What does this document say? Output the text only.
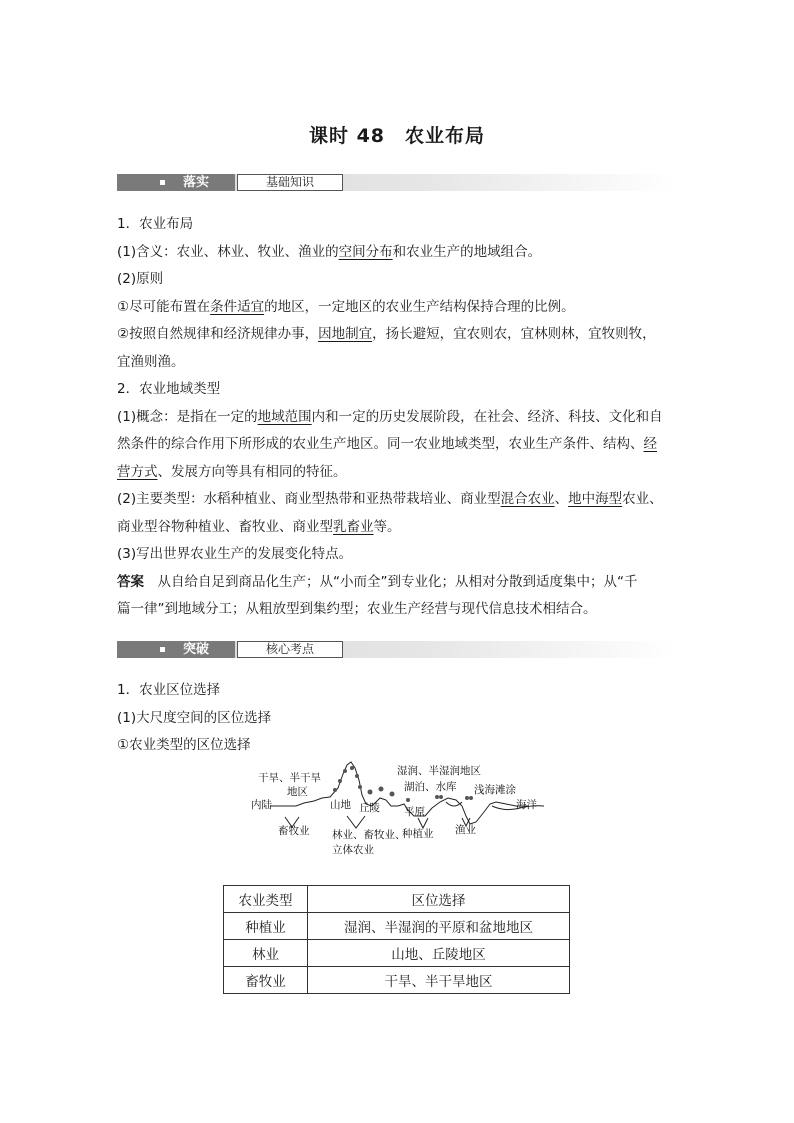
课时 48　农业布局
落实	基础知识
1．农业布局
(1)含义：农业、林业、牧业、渔业的空间分布和农业生产的地域组合。
(2)原则
①尽可能布置在条件适宜的地区，一定地区的农业生产结构保持合理的比例。
②按照自然规律和经济规律办事，因地制宜，扬长避短，宜农则农，宜林则林，宜牧则牧，
宜渔则渔。
2．农业地域类型
(1)概念：是指在一定的地域范围内和一定的历史发展阶段，在社会、经济、科技、文化和自
然条件的综合作用下所形成的农业生产地区。同一农业地域类型，农业生产条件、结构、经
营方式、发展方向等具有相同的特征。
(2)主要类型：水稻种植业、商业型热带和亚热带栽培业、商业型混合农业、地中海型农业、
商业型谷物种植业、畜牧业、商业型乳畜业等。
(3)写出世界农业生产的发展变化特点。
答案　从自给自足到商品化生产；从“小而全”到专业化；从相对分散到适度集中；从“千
篇一律”到地域分工；从粗放型到集约型；农业生产经营与现代信息技术相结合。
突破	核心考点
1．农业区位选择
(1)大尺度空间的区位选择
①农业类型的区位选择
干旱、半干旱
地区
内陆	山地 丘陵
湿润、半湿润地区
湖泊、水库
平原
浅海滩涂
海洋
畜牧业 林业、畜牧业、
立体农业
种植业 渔业
农业类型	区位选择
种植业	湿润、半湿润的平原和盆地地区
林业	山地、丘陵地区
畜牧业	干旱、半干旱地区
